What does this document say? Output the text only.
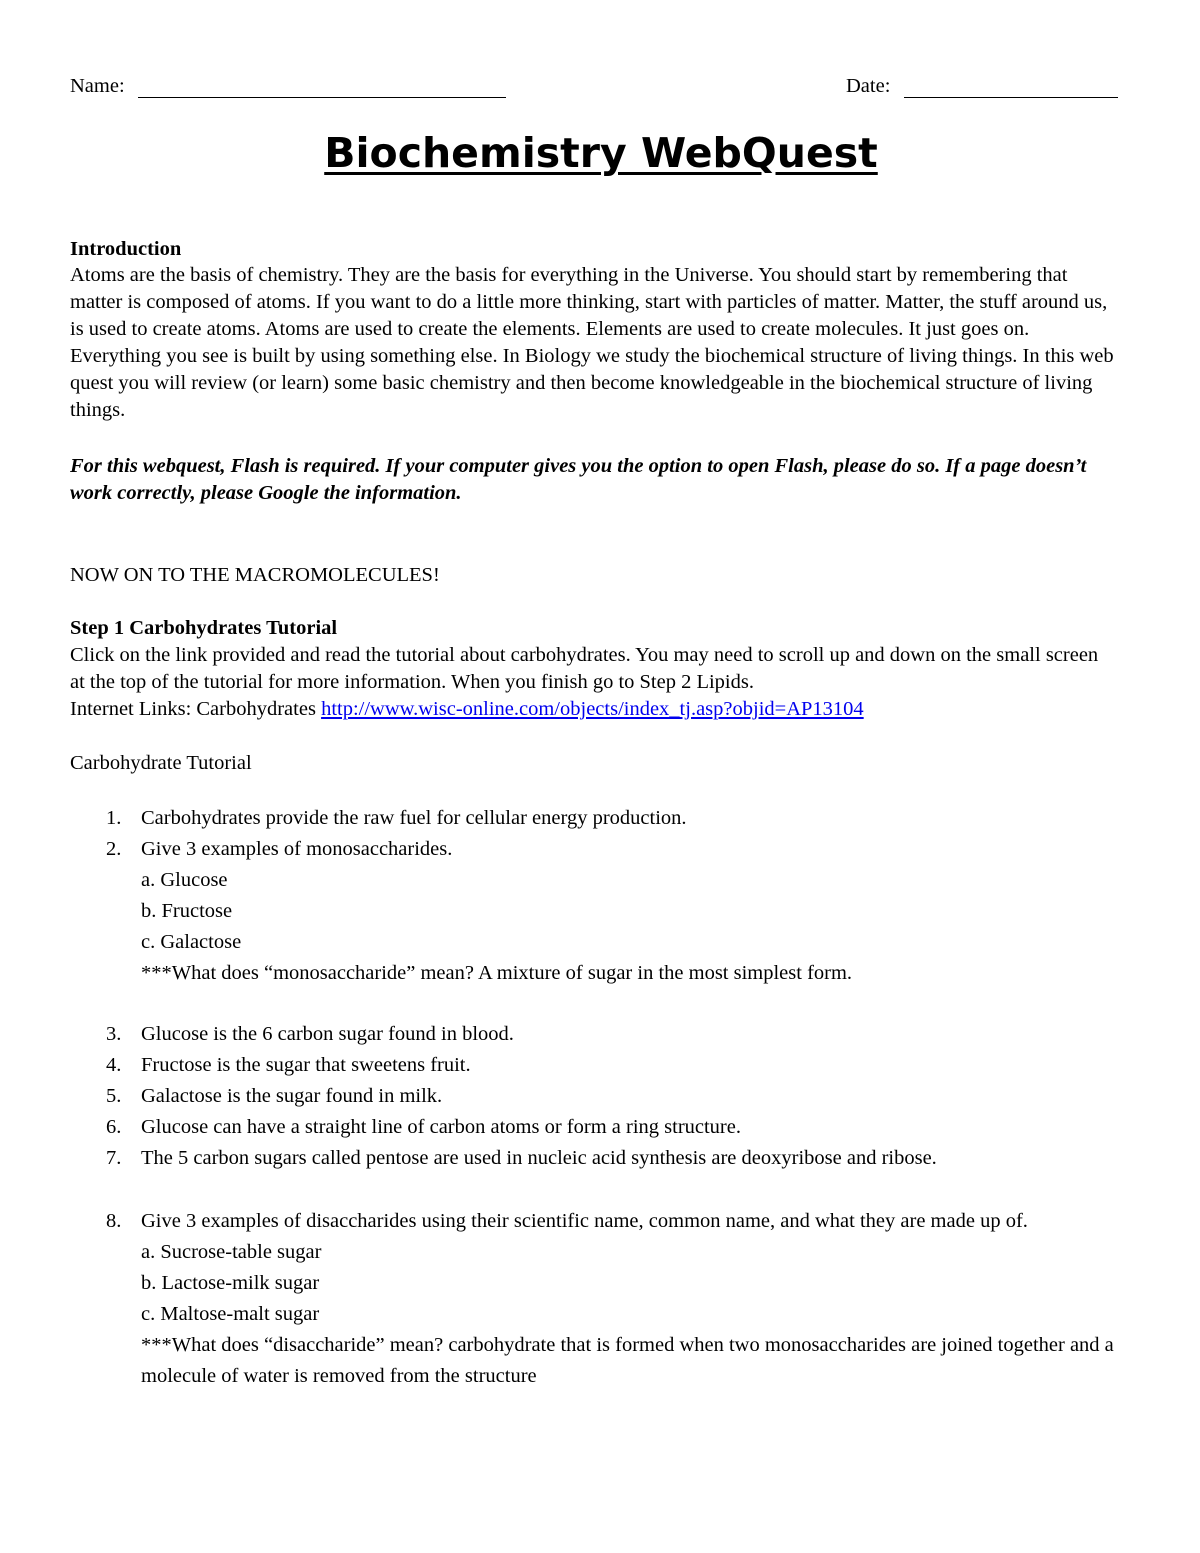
Name:	Date:
Biochemistry WebQuest
Introduction
Atoms are the basis of chemistry. They are the basis for everything in the Universe. You should start by remembering that matter is composed of atoms. If you want to do a little more thinking, start with particles of matter. Matter, the stuff around us, is used to create atoms. Atoms are used to create the elements. Elements are used to create molecules. It just goes on. Everything you see is built by using something else. In Biology we study the biochemical structure of living things. In this web quest you will review (or learn) some basic chemistry and then become knowledgeable in the biochemical structure of living things.
For this webquest, Flash is required. If your computer gives you the option to open Flash, please do so. If a page doesn’t work correctly, please Google the information.
NOW ON TO THE MACROMOLECULES!
Step 1 Carbohydrates Tutorial

Click on the link provided and read the tutorial about carbohydrates. You may need to scroll up and down on the small screen at the top of the tutorial for more information. When you finish go to Step 2 Lipids.

Internet Links: Carbohydrates http://www.wisc-online.com/objects/index_tj.asp?objid=AP13104

Carbohydrate Tutorial
1. Carbohydrates provide the raw fuel for cellular energy production.
2. Give 3 examples of monosaccharides.
a. Glucose
b. Fructose
c. Galactose
***What does “monosaccharide” mean? A mixture of sugar in the most simplest form.
3. Glucose is the 6 carbon sugar found in blood.
4. Fructose is the sugar that sweetens fruit.
5. Galactose is the sugar found in milk.
6. Glucose can have a straight line of carbon atoms or form a ring structure.
7. The 5 carbon sugars called pentose are used in nucleic acid synthesis are deoxyribose and ribose.
8. Give 3 examples of disaccharides using their scientific name, common name, and what they are made up of.
a. Sucrose-table sugar
b. Lactose-milk sugar
c. Maltose-malt sugar
***What does “disaccharide” mean? carbohydrate that is formed when two monosaccharides are joined together and a molecule of water is removed from the structure
